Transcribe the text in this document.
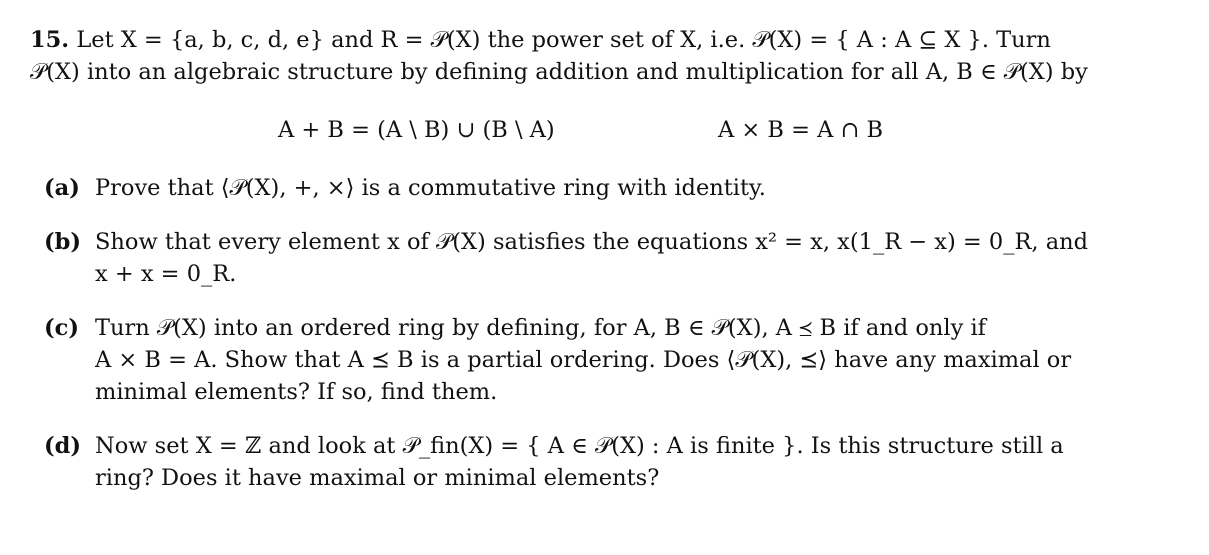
15. Let X = {a, b, c, d, e} and R = 𝒫(X) the power set of X, i.e. 𝒫(X) = { A : A ⊆ X }. Turn
𝒫(X) into an algebraic structure by defining addition and multiplication for all A, B ∈ 𝒫(X) by
A + B = (A \ B) ∪ (B \ A)	A × B = A ∩ B
(a) Prove that ⟨𝒫(X), +, ×⟩ is a commutative ring with identity.
(b) Show that every element x of 𝒫(X) satisfies the equations x² = x, x(1_R − x) = 0_R, and
x + x = 0_R.
(c) Turn 𝒫(X) into an ordered ring by defining, for A, B ∈ 𝒫(X), A ⪯ B if and only if
A × B = A. Show that A ⪯ B is a partial ordering. Does ⟨𝒫(X), ⪯⟩ have any maximal or
minimal elements? If so, find them.
(d) Now set X = ℤ and look at 𝒫_fin(X) = { A ∈ 𝒫(X) : A is finite }. Is this structure still a
ring? Does it have maximal or minimal elements?
